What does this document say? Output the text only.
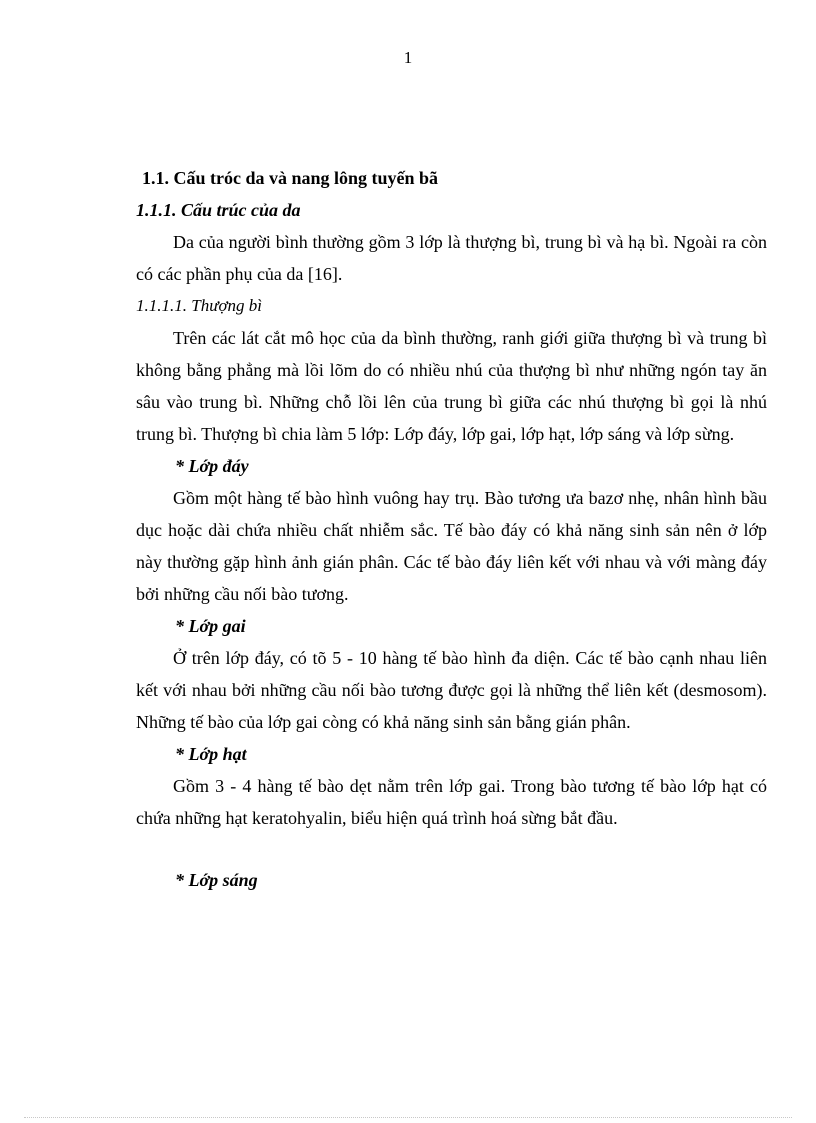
1
1.1. Cấu tróc da và nang lông tuyến bã
1.1.1. Cấu trúc của da

Da của người bình thường gồm 3 lớp là thượng bì, trung bì và hạ bì. Ngoài ra còn có các phần phụ của da [16].

1.1.1.1. Thượng bì

Trên các lát cắt mô học của da bình thường, ranh giới giữa thượng bì và trung bì không bằng phẳng mà lồi lõm do có nhiều nhú của thượng bì như những ngón tay ăn sâu vào trung bì. Những chỗ lồi lên của trung bì giữa các nhú thượng bì gọi là nhú trung bì. Thượng bì chia làm 5 lớp: Lớp đáy, lớp gai, lớp hạt, lớp sáng và lớp sừng.

* Lớp đáy

Gồm một hàng tế bào hình vuông hay trụ. Bào tương ưa bazơ nhẹ, nhân hình bầu dục hoặc dài chứa nhiều chất nhiễm sắc. Tế bào đáy có khả năng sinh sản nên ở lớp này thường gặp hình ảnh gián phân. Các tế bào đáy liên kết với nhau và với màng đáy bởi những cầu nối bào tương.

* Lớp gai

Ở trên lớp đáy, có tõ 5 - 10 hàng tế bào hình đa diện. Các tế bào cạnh nhau liên kết với nhau bởi những cầu nối bào tương được gọi là những thể liên kết (desmosom). Những tế bào của lớp gai còng có khả năng sinh sản bằng gián phân.

* Lớp hạt

Gồm 3 - 4 hàng tế bào dẹt nằm trên lớp gai. Trong bào tương tế bào lớp hạt có chứa những hạt keratohyalin, biểu hiện quá trình hoá sừng bắt đầu.

* Lớp sáng
